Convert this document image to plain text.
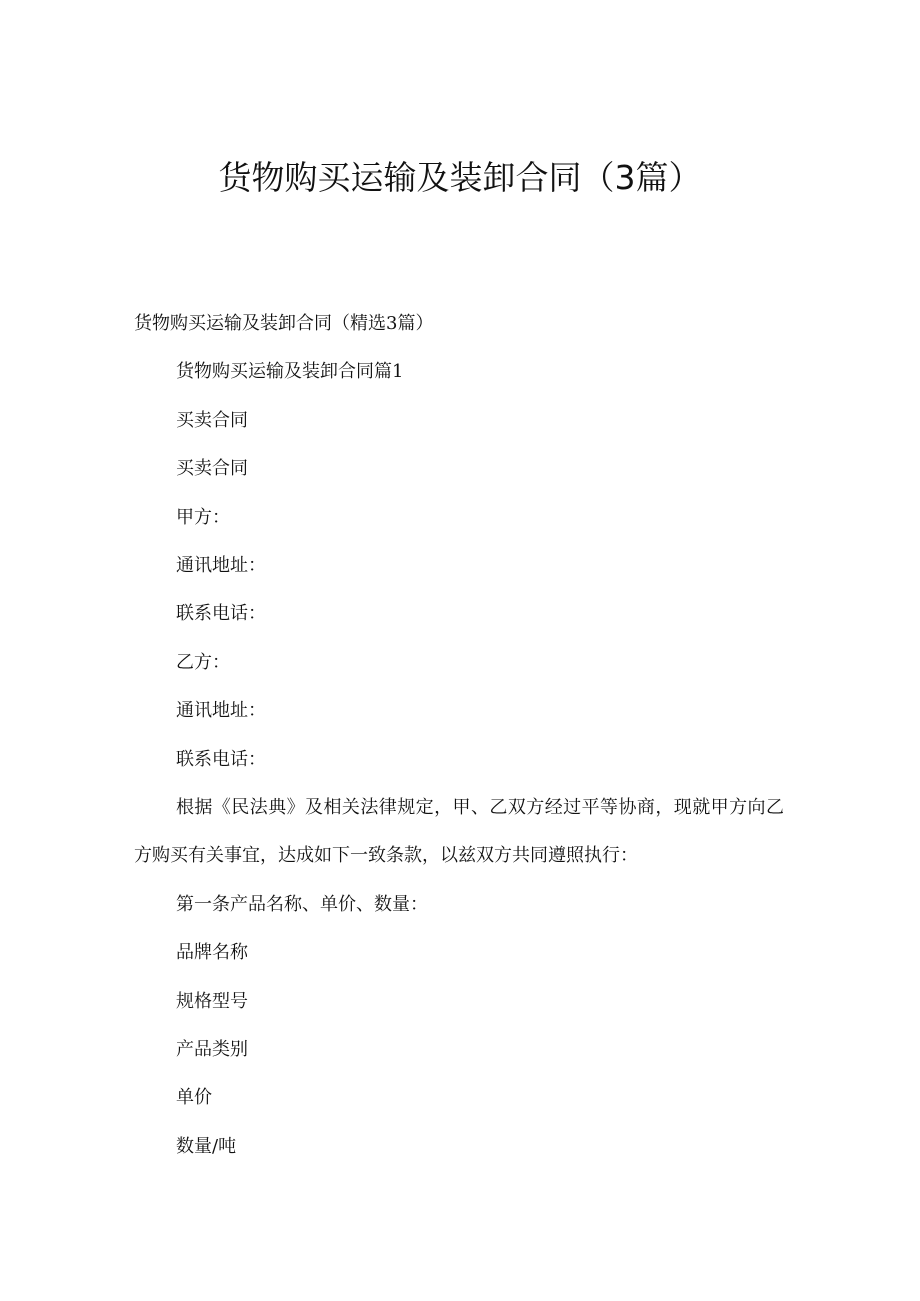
货物购买运输及装卸合同（3篇）
货物购买运输及装卸合同（精选3篇）
货物购买运输及装卸合同篇1
买卖合同
买卖合同
甲方：
通讯地址：
联系电话：
乙方：
通讯地址：
联系电话：
根据《民法典》及相关法律规定，甲、乙双方经过平等协商，现就甲方向乙方购买有关事宜，达成如下一致条款，以兹双方共同遵照执行：
第一条产品名称、单价、数量：
品牌名称
规格型号
产品类别
单价
数量/吨
